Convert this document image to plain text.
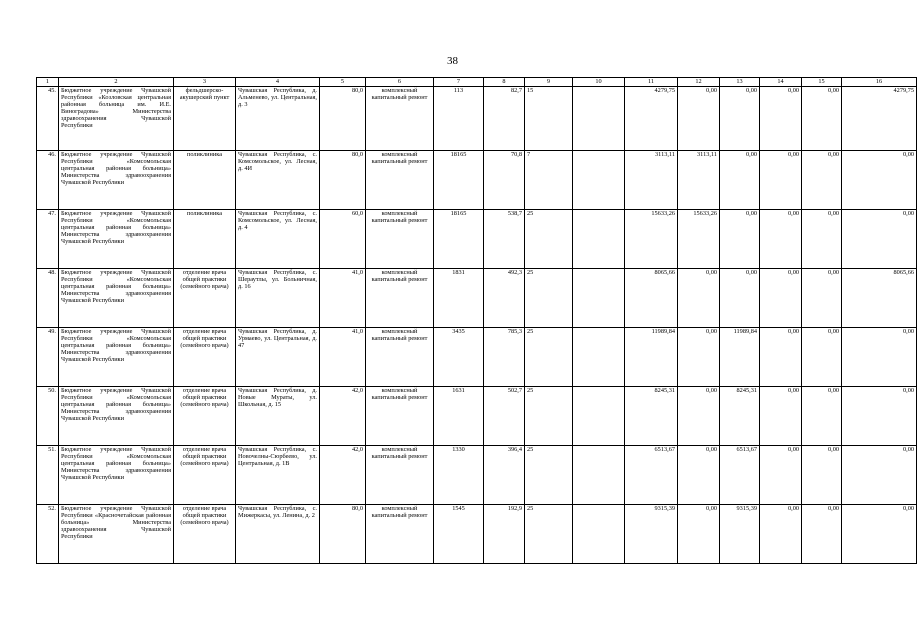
38
1	2	3	4	5	6	7	8	9	10	11	12	13	14	15	16
45.	Бюджетное учреждение Чувашской Республики «Козловская центральная районная больница им. И.Е. Виноградова» Министерства здравоохранения Чувашской Республики	фельдшерско-акушерский пункт	Чувашская Республика, д. Альменево, ул. Центральная, д. 3	80,0	комплексный капитальный ремонт	113	82,7	15		4279,75	0,00	0,00	0,00	0,00	4279,75
46.	Бюджетное учреждение Чувашской Республики «Комсомольская центральная районная больница» Министерства здравоохранения Чувашской Республики	поликлиника	Чувашская Республика, с. Комсомольское, ул. Лесная, д. 4И	80,0	комплексный капитальный ремонт	18165	70,8	7		3113,11	3113,11	0,00	0,00	0,00	0,00
47.	Бюджетное учреждение Чувашской Республики «Комсомольская центральная районная больница» Министерства здравоохранения Чувашской Республики	поликлиника	Чувашская Республика, с. Комсомольское, ул. Лесная, д. 4	60,0	комплексный капитальный ремонт	18165	538,7	25		15633,26	15633,26	0,00	0,00	0,00	0,00
48.	Бюджетное учреждение Чувашской Республики «Комсомольская центральная районная больница» Министерства здравоохранения Чувашской Республики	отделение врача общей практики (семейного врача)	Чувашская Республика, с. Шераутлы, ул. Больничная, д. 16	41,0	комплексный капитальный ремонт	1831	492,3	25		8065,66	0,00	0,00	0,00	0,00	8065,66
49.	Бюджетное учреждение Чувашской Республики «Комсомольская центральная районная больница» Министерства здравоохранения Чувашской Республики	отделение врача общей практики (семейного врача)	Чувашская Республика, д. Урмаево, ул. Центральная, д. 47	41,0	комплексный капитальный ремонт	3435	785,3	25		11989,84	0,00	11989,84	0,00	0,00	0,00
50.	Бюджетное учреждение Чувашской Республики «Комсомольская центральная районная больница» Министерства здравоохранения Чувашской Республики	отделение врача общей практики (семейного врача)	Чувашская Республика, д. Новые Мураты, ул. Школьная, д. 15	42,0	комплексный капитальный ремонт	1631	502,7	25		8245,31	0,00	8245,31	0,00	0,00	0,00
51.	Бюджетное учреждение Чувашской Республики «Комсомольская центральная районная больница» Министерства здравоохранения Чувашской Республики	отделение врача общей практики (семейного врача)	Чувашская Республика, с. Новочелны-Сюрбеево, ул. Центральная, д. 1В	42,0	комплексный капитальный ремонт	1330	396,4	25		6513,67	0,00	6513,67	0,00	0,00	0,00
52.	Бюджетное учреждение Чувашской Республики «Красночетайская районная больница» Министерства здравоохранения Чувашской Республики	отделение врача общей практики (семейного врача)	Чувашская Республика, с. Мижеркасы, ул. Ленина, д. 2	80,0	комплексный капитальный ремонт	1545	192,9	25		9315,39	0,00	9315,39	0,00	0,00	0,00
